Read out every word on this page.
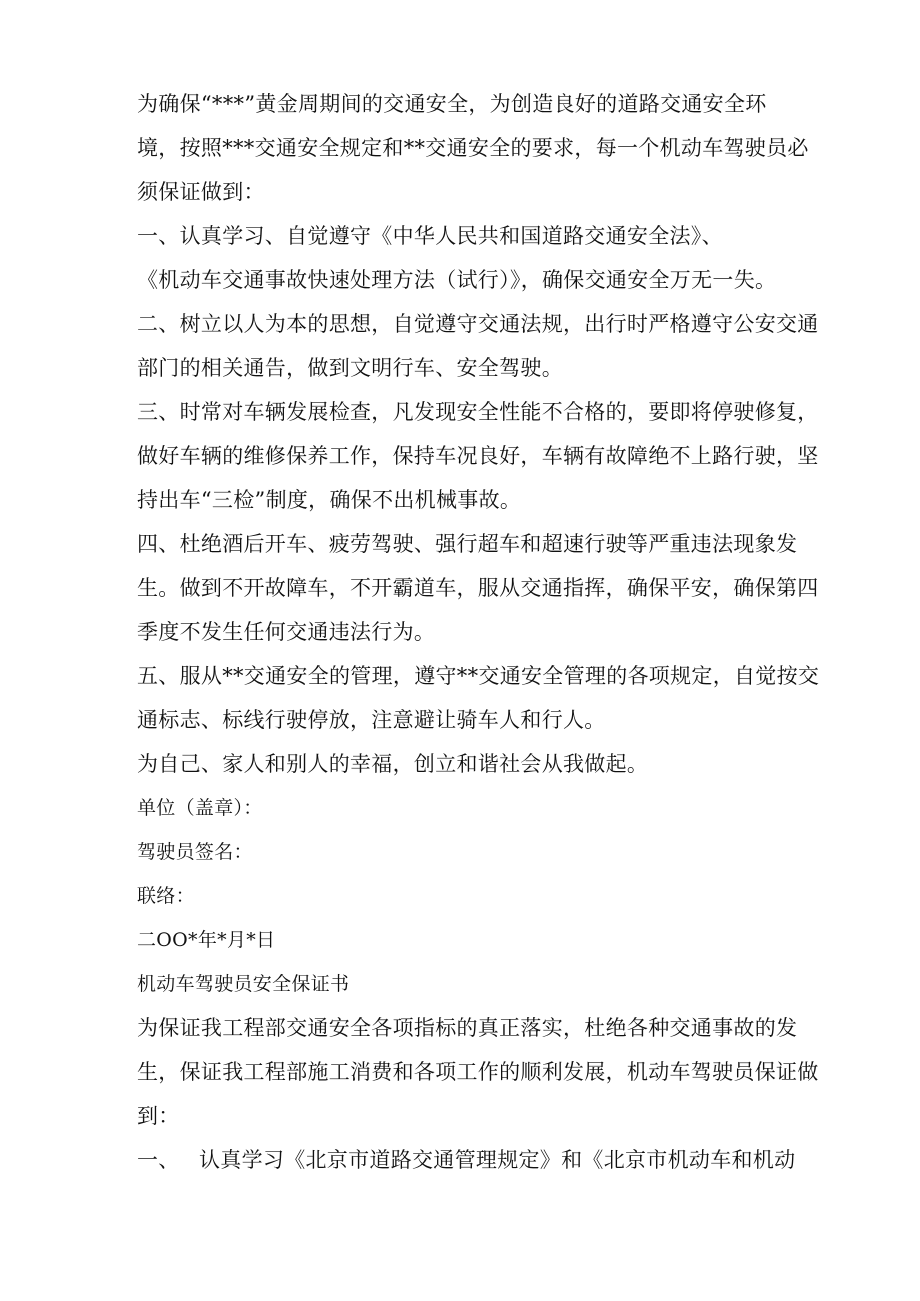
为确保“***”黄金周期间的交通安全，为创造良好的道路交通安全环
境，按照***交通安全规定和**交通安全的要求，每一个机动车驾驶员必
须保证做到：
一、认真学习、自觉遵守《中华人民共和国道路交通安全法》、
《机动车交通事故快速处理方法（试行）》，确保交通安全万无一失。
二、树立以人为本的思想，自觉遵守交通法规，出行时严格遵守公安交通
部门的相关通告，做到文明行车、安全驾驶。
三、时常对车辆发展检查，凡发现安全性能不合格的，要即将停驶修复，
做好车辆的维修保养工作，保持车况良好，车辆有故障绝不上路行驶，坚
持出车“三检”制度，确保不出机械事故。
四、杜绝酒后开车、疲劳驾驶、强行超车和超速行驶等严重违法现象发
生。做到不开故障车，不开霸道车，服从交通指挥，确保平安，确保第四
季度不发生任何交通违法行为。
五、服从**交通安全的管理，遵守**交通安全管理的各项规定，自觉按交
通标志、标线行驶停放，注意避让骑车人和行人。
为自己、家人和别人的幸福，创立和谐社会从我做起。
单位（盖章）：
驾驶员签名：
联络：
二OO*年*月*日
机动车驾驶员安全保证书
为保证我工程部交通安全各项指标的真正落实，杜绝各种交通事故的发
生，保证我工程部施工消费和各项工作的顺利发展，机动车驾驶员保证做
到：
一、 认真学习《北京市道路交通管理规定》和《北京市机动车和机动
